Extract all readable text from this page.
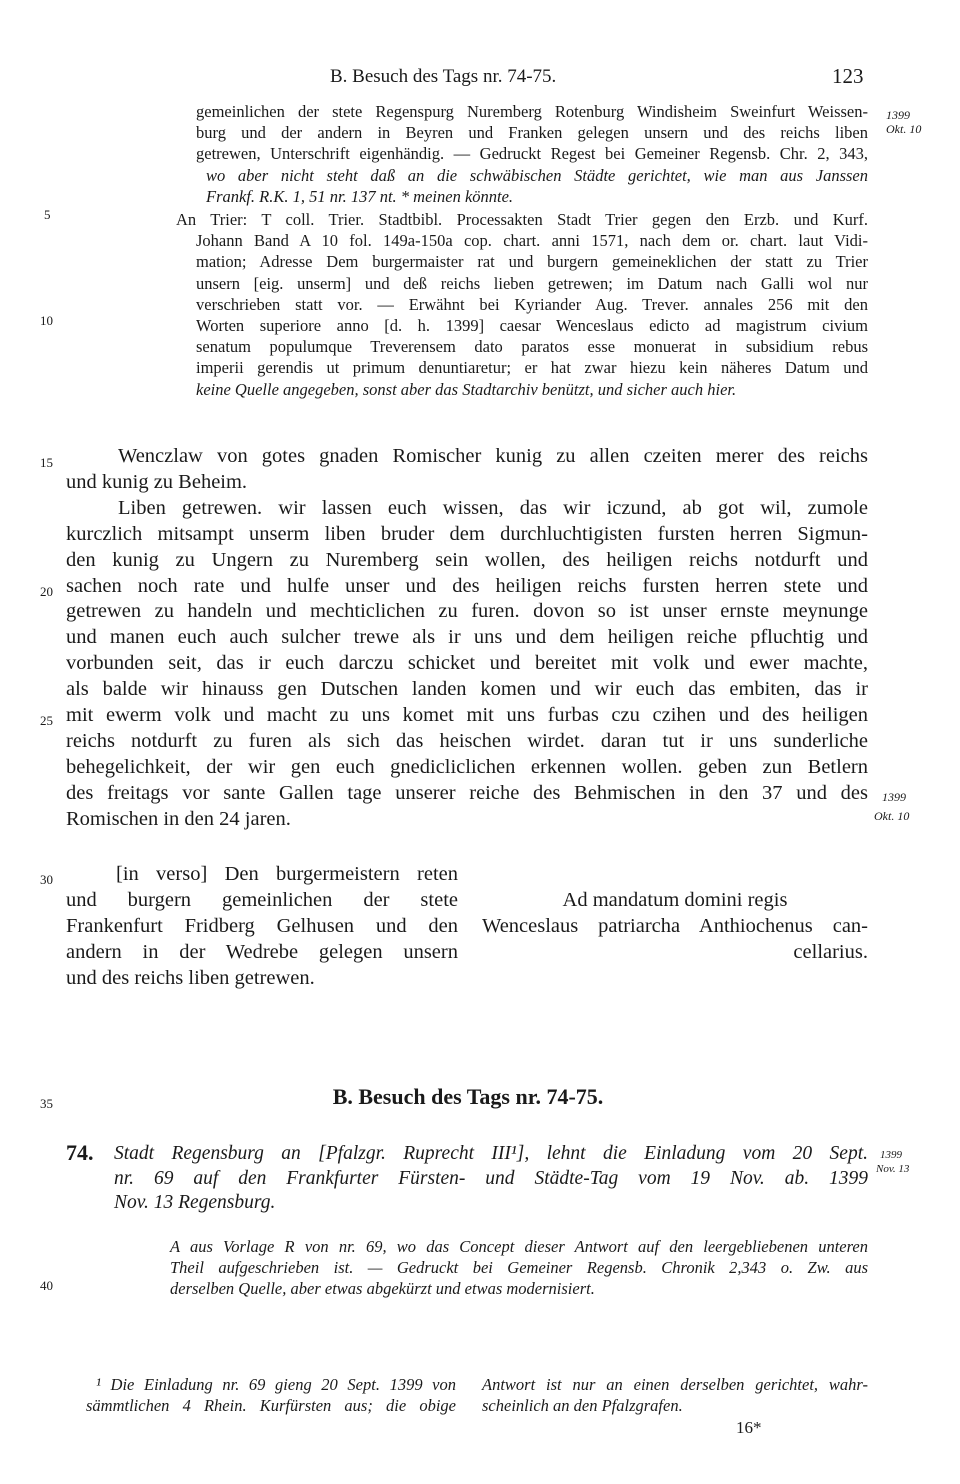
B. Besuch des Tags nr. 74-75.	123
gemeinlichen der stete Regenspurg Nuremberg Rotenburg Windisheim Sweinfurt Weissen-
burg und der andern in Beyren und Franken gelegen unsern und des reichs liben
getrewen, Unterschrift eigenhändig. — Gedruckt Regest bei Gemeiner Regensb. Chr. 2, 343,
wo aber nicht steht daß an die schwäbischen Städte gerichtet, wie man aus Janssen
Frankf. R.K. 1, 51 nr. 137 nt. * meinen könnte.
An Trier: T coll. Trier. Stadtbibl. Processakten Stadt Trier gegen den Erzb. und Kurf.
Johann Band A 10 fol. 149a-150a cop. chart. anni 1571, nach dem or. chart. laut Vidi-
mation; Adresse Dem burgermaister rat und burgern gemeineklichen der statt zu Trier
unsern [eig. unserm] und deß reichs lieben getrewen; im Datum nach Galli wol nur
verschrieben statt vor. — Erwähnt bei Kyriander Aug. Trever. annales 256 mit den
Worten superiore anno [d. h. 1399] caesar Wenceslaus edicto ad magistrum civium
senatum populumque Treverensem dato paratos esse monuerat in subsidium rebus
imperii gerendis ut primum denuntiaretur; er hat zwar hiezu kein näheres Datum und
keine Quelle angegeben, sonst aber das Stadtarchiv benützt, und sicher auch hier.
Wenczlaw von gotes gnaden Romischer kunig zu allen czeiten merer des reichs
und kunig zu Beheim.
Liben getrewen. wir lassen euch wissen, das wir iczund, ab got wil, zumole
kurczlich mitsampt unserm liben bruder dem durchluchtigisten fursten herren Sigmun-
den kunig zu Ungern zu Nuremberg sein wollen, des heiligen reichs notdurft und
sachen noch rate und hulfe unser und des heiligen reichs fursten herren stete und
getrewen zu handeln und mechticlichen zu furen. dovon so ist unser ernste meynunge
und manen euch auch sulcher trewe als ir uns und dem heiligen reiche pfluchtig und
vorbunden seit, das ir euch darczu schicket und bereitet mit volk und ewer machte,
als balde wir hinauss gen Dutschen landen komen und wir euch das embiten, das ir
mit ewerm volk und macht zu uns komet mit uns furbas czu czihen und des heiligen
reichs notdurft zu furen als sich das heischen wirdet. daran tut ir uns sunderliche
behegelichkeit, der wir gen euch gnedicliclichen erkennen wollen. geben zun Betlern
des freitags vor sante Gallen tage unserer reiche des Behmischen in den 37 und des
Romischen in den 24 jaren.
[in verso] Den burgermeistern reten
und burgern gemeinlichen der stete
Frankenfurt Fridberg Gelhusen und den
andern in der Wedrebe gelegen unsern
und des reichs liben getrewen.
Ad mandatum domini regis
Wenceslaus patriarcha Anthiochenus can-
cellarius.
B. Besuch des Tags nr. 74-75.
74. Stadt Regensburg an [Pfalzgr. Ruprecht III¹], lehnt die Einladung vom 20 Sept.
nr. 69 auf den Frankfurter Fürsten- und Städte-Tag vom 19 Nov. ab. 1399
Nov. 13 Regensburg.
A aus Vorlage R von nr. 69, wo das Concept dieser Antwort auf den leergebliebenen unteren
Theil aufgeschrieben ist. — Gedruckt bei Gemeiner Regensb. Chronik 2,343 o. Zw. aus
derselben Quelle, aber etwas abgekürzt und etwas modernisiert.
¹ Die Einladung nr. 69 gieng 20 Sept. 1399 von
sämmtlichen 4 Rhein. Kurfürsten aus; die obige
Antwort ist nur an einen derselben gerichtet, wahr-
scheinlich an den Pfalzgrafen.
16*
1399
Okt. 10
1399
Okt. 10
1399
Nov. 13
5
10
15
20
25
30
35
40
